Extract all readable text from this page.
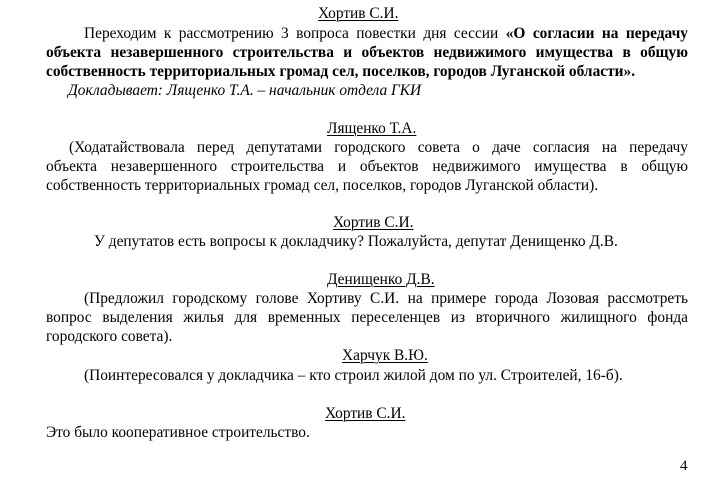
Хортив С.И.
Переходим к рассмотрению 3 вопроса повестки дня сессии «О согласии на передачу
объекта незавершенного строительства и объектов недвижимого имущества в общую
собственность территориальных громад сел, поселков, городов Луганской области».
Докладывает: Лященко Т.А. – начальник отдела ГКИ
Лященко Т.А.
(Ходатайствовала перед депутатами городского совета о даче согласия на передачу
объекта незавершенного строительства и объектов недвижимого имущества в общую
собственность территориальных громад сел, поселков, городов Луганской области).
Хортив С.И.
У депутатов есть вопросы к докладчику? Пожалуйста, депутат Денищенко Д.В.
Денищенко Д.В.
(Предложил городскому голове Хортиву С.И. на примере города Лозовая рассмотреть
вопрос выделения жилья для временных переселенцев из вторичного жилищного фонда
городского совета).
Харчук В.Ю.
(Поинтересовался у докладчика – кто строил жилой дом по ул. Строителей, 16-б).
Хортив С.И.
Это было кооперативное строительство.
4
